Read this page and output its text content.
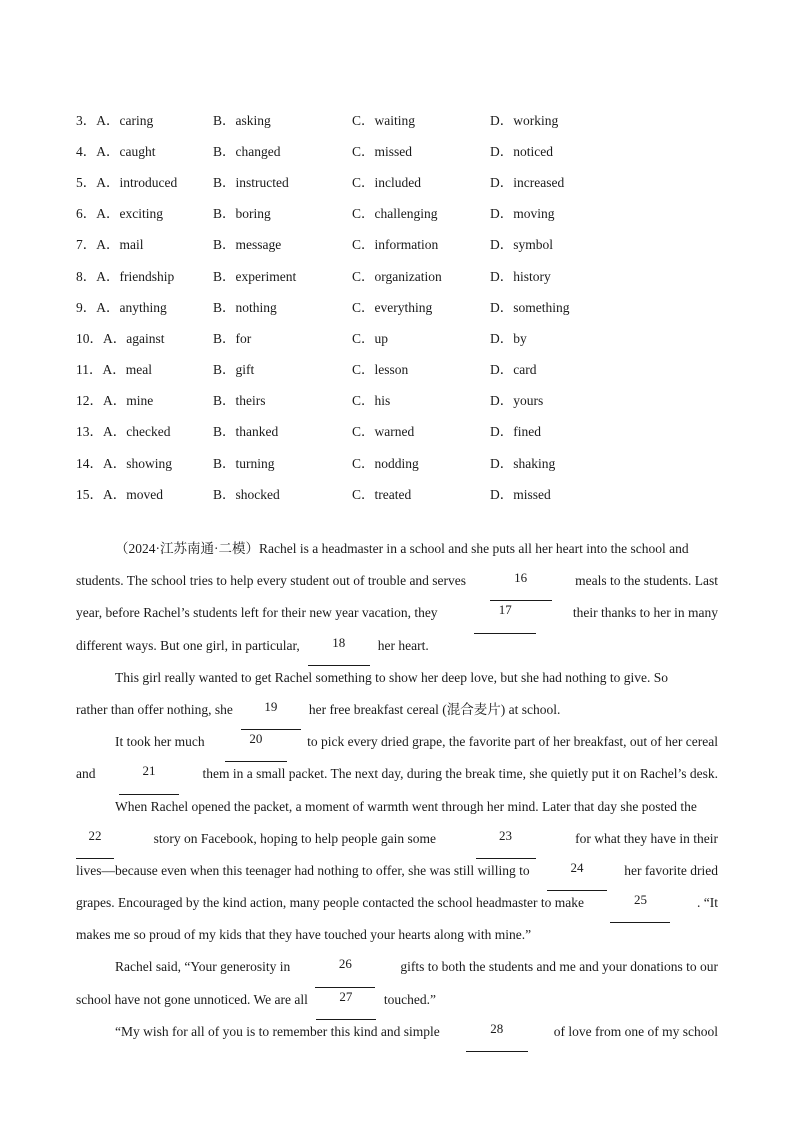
3．A．caring	B．asking	C．waiting	D．working
4．A．caught	B．changed	C．missed	D．noticed
5．A．introduced	B．instructed	C．included	D．increased
6．A．exciting	B．boring	C．challenging	D．moving
7．A．mail	B．message	C．information	D．symbol
8．A．friendship	B．experiment	C．organization	D．history
9．A．anything	B．nothing	C．everything	D．something
10．A．against	B．for	C．up	D．by
11．A．meal	B．gift	C．lesson	D．card
12．A．mine	B．theirs	C．his	D．yours
13．A．checked	B．thanked	C．warned	D．fined
14．A．showing	B．turning	C．nodding	D．shaking
15．A．moved	B．shocked	C．treated	D．missed
（2024·江苏南通·二模）Rachel is a headmaster in a school and she puts all her heart into the school and
students. The school tries to help every student out of trouble and serves	16	meals to the students. Last
year, before Rachel’s students left for their new year vacation, they	17	their thanks to her in many
different ways. But one girl, in particular,	18	her heart.
This girl really wanted to get Rachel something to show her deep love, but she had nothing to give. So
rather than offer nothing, she	19	her free breakfast cereal (混合麦片) at school.
It took her much	20	to pick every dried grape, the favorite part of her breakfast, out of her cereal
and	21	them in a small packet. The next day, during the break time, she quietly put it on Rachel’s desk.
When Rachel opened the packet, a moment of warmth went through her mind. Later that day she posted the
22	story on Facebook, hoping to help people gain some	23	for what they have in their
lives—because even when this teenager had nothing to offer, she was still willing to	24	her favorite dried
grapes. Encouraged by the kind action, many people contacted the school headmaster to make	25	. “It
makes me so proud of my kids that they have touched your hearts along with mine.”
Rachel said, “Your generosity in	26	gifts to both the students and me and your donations to our
school have not gone unnoticed. We are all	27	touched.”
“My wish for all of you is to remember this kind and simple	28	of love from one of my school
